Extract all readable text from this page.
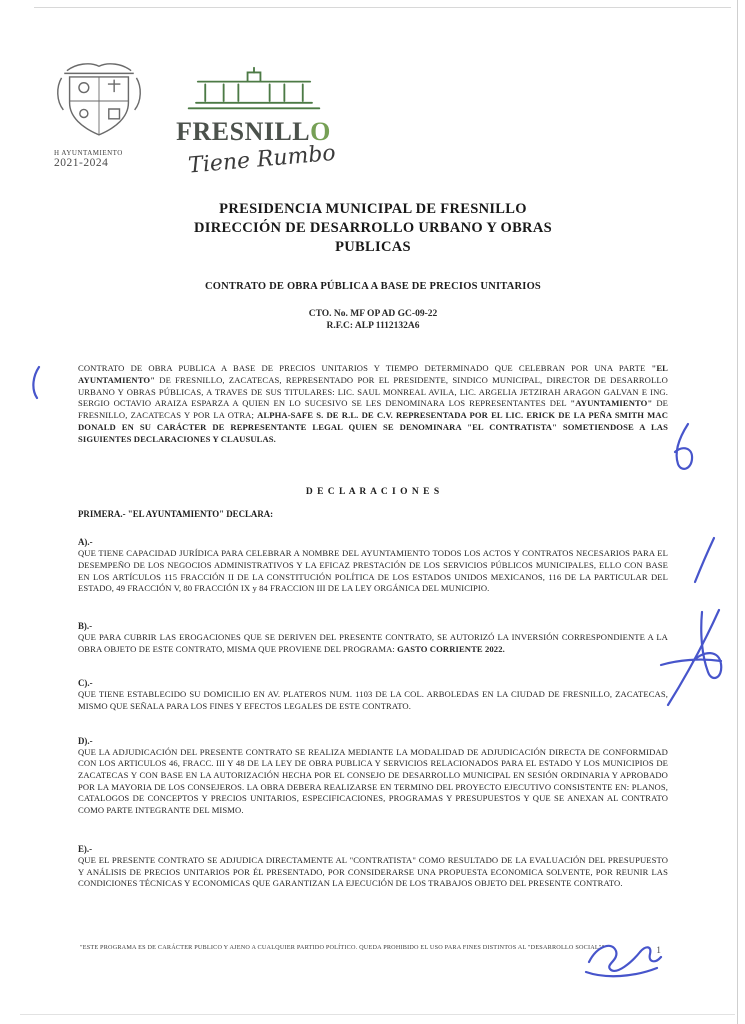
H AYUNTAMIENTO
2021-2024
FRESNILLO
Tiene Rumbo
PRESIDENCIA MUNICIPAL DE FRESNILLO
DIRECCIÓN DE DESARROLLO URBANO Y OBRAS
PUBLICAS
CONTRATO DE OBRA PÚBLICA A BASE DE PRECIOS UNITARIOS
CTO. No. MF OP AD GC-09-22
R.F.C: ALP 1112132A6

CONTRATO DE OBRA PUBLICA A BASE DE PRECIOS UNITARIOS Y TIEMPO DETERMINADO QUE CELEBRAN POR UNA PARTE "EL AYUNTAMIENTO" DE FRESNILLO, ZACATECAS, REPRESENTADO POR EL PRESIDENTE, SINDICO MUNICIPAL, DIRECTOR DE DESARROLLO URBANO Y OBRAS PÚBLICAS, A TRAVES DE SUS TITULARES: LIC. SAUL MONREAL AVILA, LIC. ARGELIA JETZIRAH ARAGON GALVAN E ING. SERGIO OCTAVIO ARAIZA ESPARZA A QUIEN EN LO SUCESIVO SE LES DENOMINARA LOS REPRESENTANTES DEL "AYUNTAMIENTO" DE FRESNILLO, ZACATECAS Y POR LA OTRA; ALPHA-SAFE S. DE R.L. DE C.V. REPRESENTADA POR EL LIC. ERICK DE LA PEÑA SMITH MAC DONALD EN SU CARÁCTER DE REPRESENTANTE LEGAL QUIEN SE DENOMINARA "EL CONTRATISTA" SOMETIENDOSE A LAS SIGUIENTES DECLARACIONES Y CLAUSULAS.

D E C L A R A C I O N E S
PRIMERA.- "EL AYUNTAMIENTO" DECLARA:
A).-

QUE TIENE CAPACIDAD JURÍDICA PARA CELEBRAR A NOMBRE DEL AYUNTAMIENTO TODOS LOS ACTOS Y CONTRATOS NECESARIOS PARA EL DESEMPEÑO DE LOS NEGOCIOS ADMINISTRATIVOS Y LA EFICAZ PRESTACIÓN DE LOS SERVICIOS PÚBLICOS MUNICIPALES, ELLO CON BASE EN LOS ARTÍCULOS 115 FRACCIÓN II DE LA CONSTITUCIÓN POLÍTICA DE LOS ESTADOS UNIDOS MEXICANOS, 116 DE LA PARTICULAR DEL ESTADO, 49 FRACCIÓN V, 80 FRACCIÓN IX y 84 FRACCION III DE LA LEY ORGÁNICA DEL MUNICIPIO.

B).-

QUE PARA CUBRIR LAS EROGACIONES QUE SE DERIVEN DEL PRESENTE CONTRATO, SE AUTORIZÓ LA INVERSIÓN CORRESPONDIENTE A LA OBRA OBJETO DE ESTE CONTRATO, MISMA QUE PROVIENE DEL PROGRAMA: GASTO CORRIENTE 2022.

C).-

QUE TIENE ESTABLECIDO SU DOMICILIO EN AV. PLATEROS NUM. 1103 DE LA COL. ARBOLEDAS EN LA CIUDAD DE FRESNILLO, ZACATECAS, MISMO QUE SEÑALA PARA LOS FINES Y EFECTOS LEGALES DE ESTE CONTRATO.

D).-

QUE LA ADJUDICACIÓN DEL PRESENTE CONTRATO SE REALIZA MEDIANTE LA MODALIDAD DE ADJUDICACIÓN DIRECTA DE CONFORMIDAD CON LOS ARTICULOS 46, FRACC. III Y 48 DE LA LEY DE OBRA PUBLICA Y SERVICIOS RELACIONADOS PARA EL ESTADO Y LOS MUNICIPIOS DE ZACATECAS Y CON BASE EN LA AUTORIZACIÓN HECHA POR EL CONSEJO DE DESARROLLO MUNICIPAL EN SESIÓN ORDINARIA Y APROBADO POR LA MAYORIA DE LOS CONSEJEROS. LA OBRA DEBERA REALIZARSE EN TERMINO DEL PROYECTO EJECUTIVO CONSISTENTE EN: PLANOS, CATALOGOS DE CONCEPTOS Y PRECIOS UNITARIOS, ESPECIFICACIONES, PROGRAMAS Y PRESUPUESTOS Y QUE SE ANEXAN AL CONTRATO COMO PARTE INTEGRANTE DEL MISMO.

E).-

QUE EL PRESENTE CONTRATO SE ADJUDICA DIRECTAMENTE AL "CONTRATISTA" COMO RESULTADO DE LA EVALUACIÓN DEL PRESUPUESTO Y ANÁLISIS DE PRECIOS UNITARIOS POR ÉL PRESENTADO, POR CONSIDERARSE UNA PROPUESTA ECONOMICA SOLVENTE, POR REUNIR LAS CONDICIONES TÉCNICAS Y ECONOMICAS QUE GARANTIZAN LA EJECUCIÓN DE LOS TRABAJOS OBJETO DEL PRESENTE CONTRATO.

"ESTE PROGRAMA ES DE CARÁCTER PUBLICO Y AJENO A CUALQUIER PARTIDO POLÍTICO. QUEDA PROHIBIDO EL USO PARA FINES DISTINTOS AL "DESARROLLO SOCIAL""	1
